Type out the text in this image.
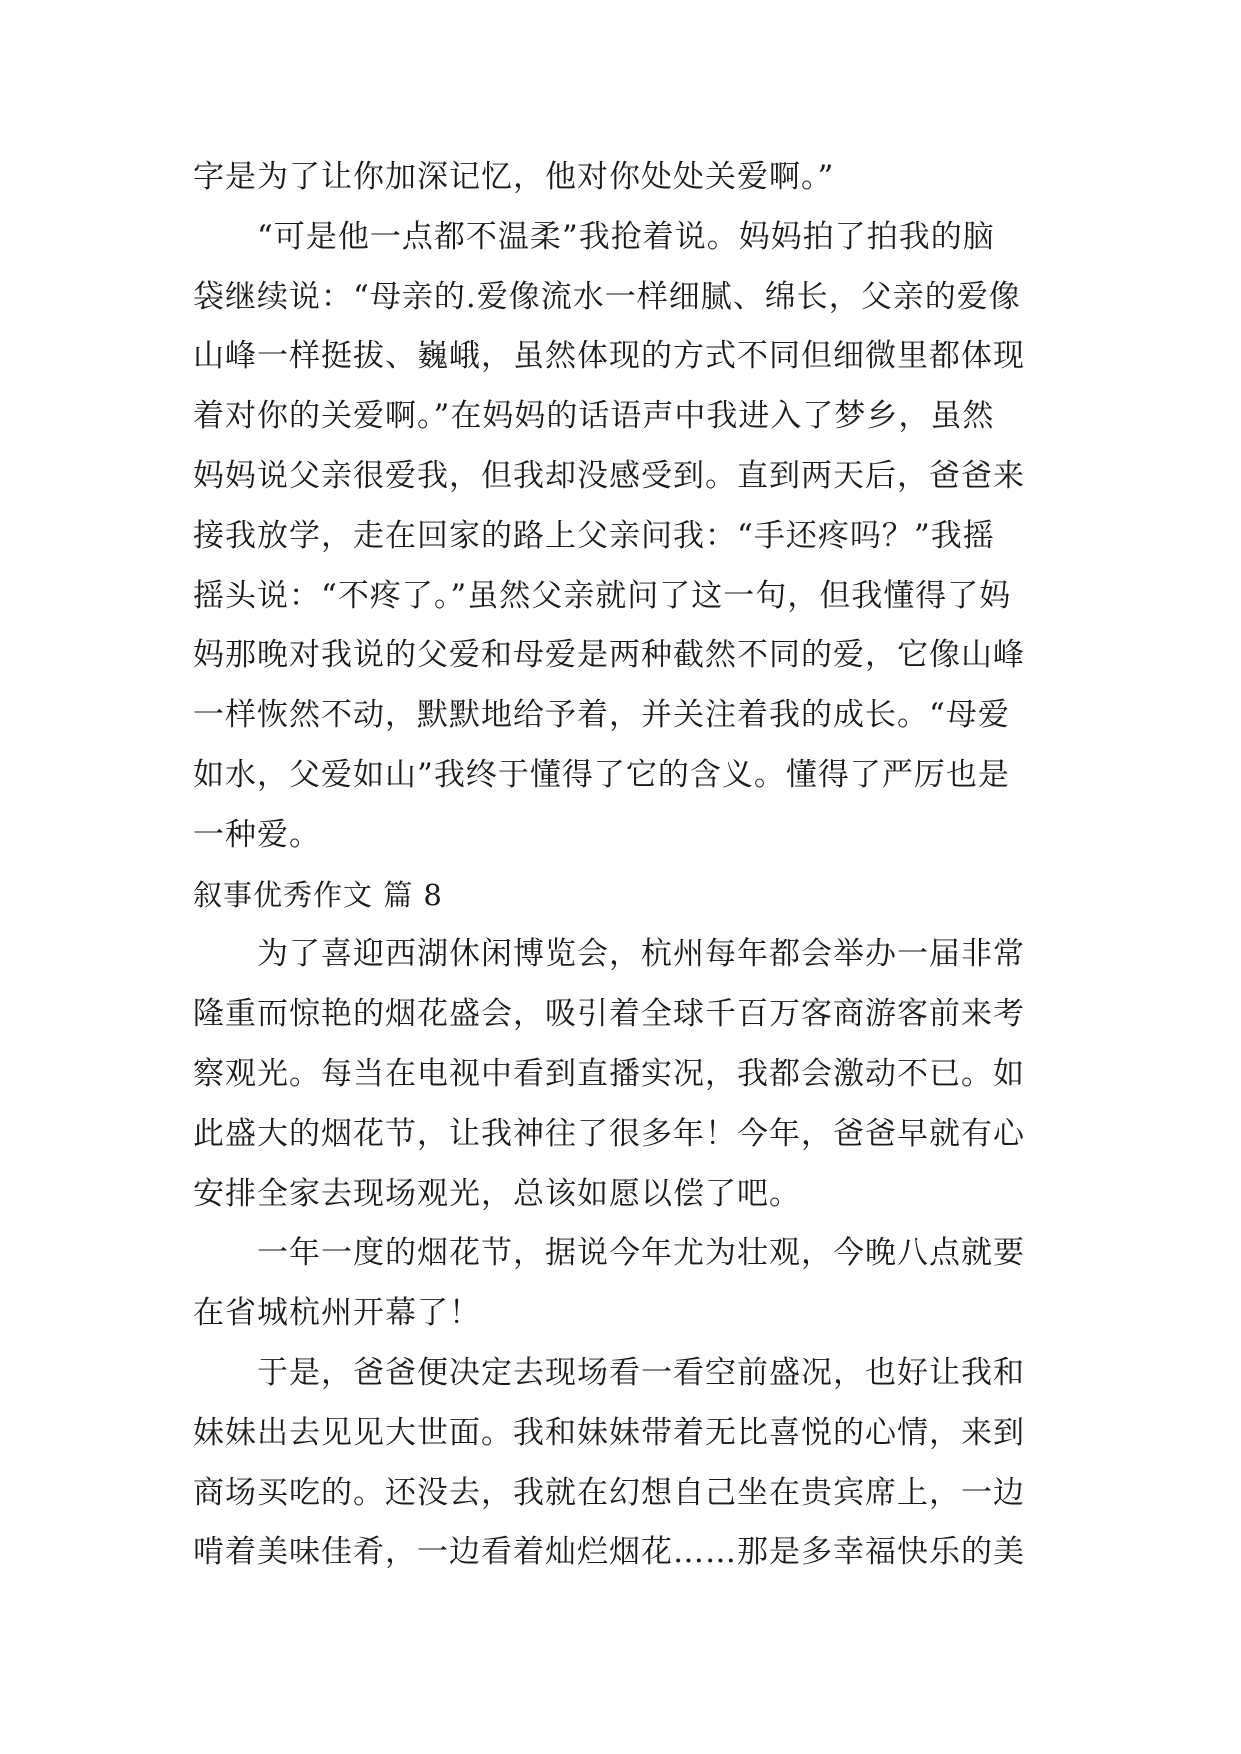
字是为了让你加深记忆，他对你处处关爱啊。”
　　“可是他一点都不温柔”我抢着说。妈妈拍了拍我的脑
袋继续说：“母亲的.爱像流水一样细腻、绵长，父亲的爱像
山峰一样挺拔、巍峨，虽然体现的方式不同但细微里都体现
着对你的关爱啊。”在妈妈的话语声中我进入了梦乡，虽然
妈妈说父亲很爱我，但我却没感受到。直到两天后，爸爸来
接我放学，走在回家的路上父亲问我：“手还疼吗？”我摇
摇头说：“不疼了。”虽然父亲就问了这一句，但我懂得了妈
妈那晚对我说的父爱和母爱是两种截然不同的爱，它像山峰
一样恢然不动，默默地给予着，并关注着我的成长。“母爱
如水，父爱如山”我终于懂得了它的含义。懂得了严厉也是
一种爱。
叙事优秀作文 篇 8
　　为了喜迎西湖休闲博览会，杭州每年都会举办一届非常
隆重而惊艳的烟花盛会，吸引着全球千百万客商游客前来考
察观光。每当在电视中看到直播实况，我都会激动不已。如
此盛大的烟花节，让我神往了很多年！今年，爸爸早就有心
安排全家去现场观光，总该如愿以偿了吧。
　　一年一度的烟花节，据说今年尤为壮观，今晚八点就要
在省城杭州开幕了！
　　于是，爸爸便决定去现场看一看空前盛况，也好让我和
妹妹出去见见大世面。我和妹妹带着无比喜悦的心情，来到
商场买吃的。还没去，我就在幻想自己坐在贵宾席上，一边
啃着美味佳肴，一边看着灿烂烟花……那是多幸福快乐的美
